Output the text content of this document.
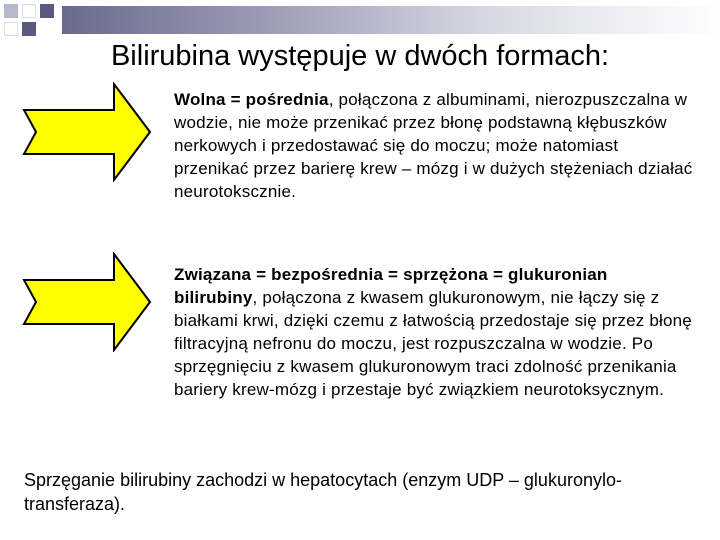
Bilirubina występuje w dwóch formach:
Wolna = pośrednia, połączona z albuminami, nierozpuszczalna w wodzie, nie może przenikać przez błonę podstawną kłębuszków nerkowych i przedostawać się do moczu; może natomiast przenikać przez barierę krew – mózg i w dużych stężeniach działać neurotokscznie.
Związana = bezpośrednia = sprzężona = glukuronian bilirubiny, połączona z kwasem glukuronowym, nie łączy się z białkami krwi, dzięki czemu z łatwością przedostaje się przez błonę filtracyjną nefronu do moczu, jest rozpuszczalna w wodzie. Po sprzęgnięciu z kwasem glukuronowym traci zdolność przenikania bariery krew-mózg i przestaje być związkiem neurotoksycznym.
Sprzęganie bilirubiny zachodzi w hepatocytach (enzym UDP – glukuronylo-transferaza).
